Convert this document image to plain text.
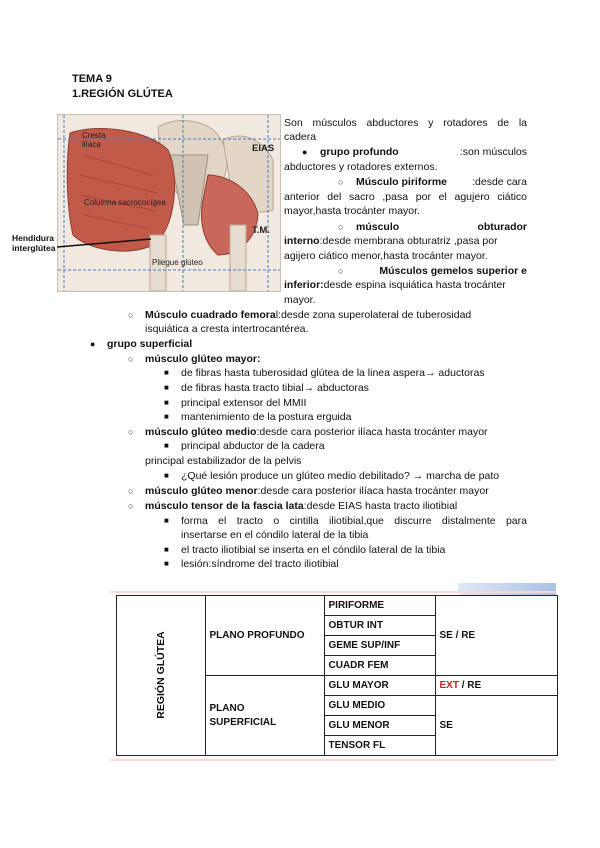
TEMA 9
1.REGIÓN GLÚTEA
Cresta
ilíaca
Columna sacrococígea
Pliegue glúteo
Hendidura
interglútea
EIAS
T.M.
Son músculos abductores y rotadores de la
cadera
● grupo profundo	:son músculos
abductores y rotadores externos.
○ Músculo piriforme :desde cara
anterior del sacro ,pasa por el agujero ciático
mayor,hasta trocánter mayor.
○ músculo	obturador
interno:desde membrana obturatriz ,pasa por
agijero ciático menor,hasta trocánter mayor.
○	Músculos gemelos superior e
inferior:desde espina isquiática hasta trocánter
mayor.
○ Músculo cuadrado femoral:desde zona superolateral de tuberosidad
isquiática a cresta intertrocantérea.
● grupo superficial
○ músculo glúteo mayor:
■ de fibras hasta tuberosidad glútea de la linea aspera→ aductoras
■ de fibras hasta tracto tibial→ abductoras
■ principal extensor del MMII
■ mantenimiento de la postura erguida
○ músculo glúteo medio:desde cara posterior ilíaca hasta trocánter mayor
■ principal abductor de la cadera
principal estabilizador de la pelvis
■ ¿Qué lesión produce un glúteo medio debilitado? → marcha de pato
○ músculo glúteo menor:desde cara posterior ilíaca hasta trocánter mayor
○ músculo tensor de la fascia lata:desde EIAS hasta tracto iliotibial
■ forma el tracto o cintilla iliotibial,que discurre distalmente para
insertarse en el cóndilo lateral de la tibia
■ el tracto iliotibial se inserta en el cóndilo lateral de la tibia
■ lesión:síndrome del tracto iliotibial
REGIÓN GLÚTEA	PLANO PROFUNDO	PIRIFORME	SE / RE
		OBTUR INT	
		GEME SUP/INF	
		CUADR FEM	

	PLANO
SUPERFICIAL	GLU MAYOR	EXT / RE
		GLU MEDIO	SE
		GLU MENOR	
		TENSOR FL	
